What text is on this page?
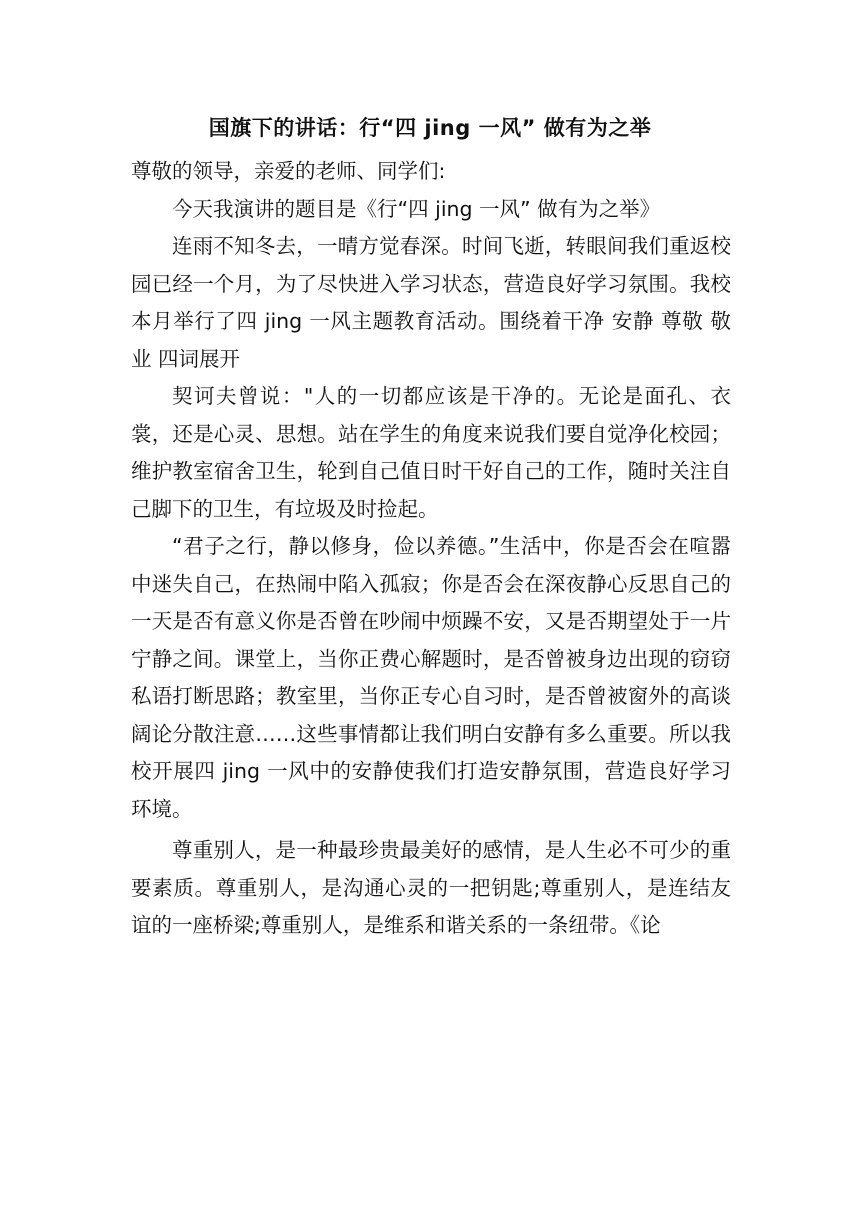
国旗下的讲话：行“四 jing 一风” 做有为之举

尊敬的领导，亲爱的老师、同学们:

今天我演讲的题目是《行“四 jing 一风” 做有为之举》

连雨不知冬去，一晴方觉春深。时间飞逝，转眼间我们重返校园已经一个月，为了尽快进入学习状态，营造良好学习氛围。我校本月举行了四 jing 一风主题教育活动。围绕着干净 安静 尊敬 敬业 四词展开

契诃夫曾说："人的一切都应该是干净的。无论是面孔、衣裳，还是心灵、思想。站在学生的角度来说我们要自觉净化校园；维护教室宿舍卫生，轮到自己值日时干好自己的工作，随时关注自己脚下的卫生，有垃圾及时捡起。

“君子之行，静以修身，俭以养德。”生活中，你是否会在喧嚣中迷失自己，在热闹中陷入孤寂；你是否会在深夜静心反思自己的一天是否有意义你是否曾在吵闹中烦躁不安，又是否期望处于一片宁静之间。课堂上，当你正费心解题时，是否曾被身边出现的窃窃私语打断思路；教室里，当你正专心自习时，是否曾被窗外的高谈阔论分散注意……这些事情都让我们明白安静有多么重要。所以我校开展四 jing 一风中的安静使我们打造安静氛围，营造良好学习环境。

尊重别人，是一种最珍贵最美好的感情，是人生必不可少的重要素质。尊重别人，是沟通心灵的一把钥匙;尊重别人，是连结友谊的一座桥梁;尊重别人，是维系和谐关系的一条纽带。《论
